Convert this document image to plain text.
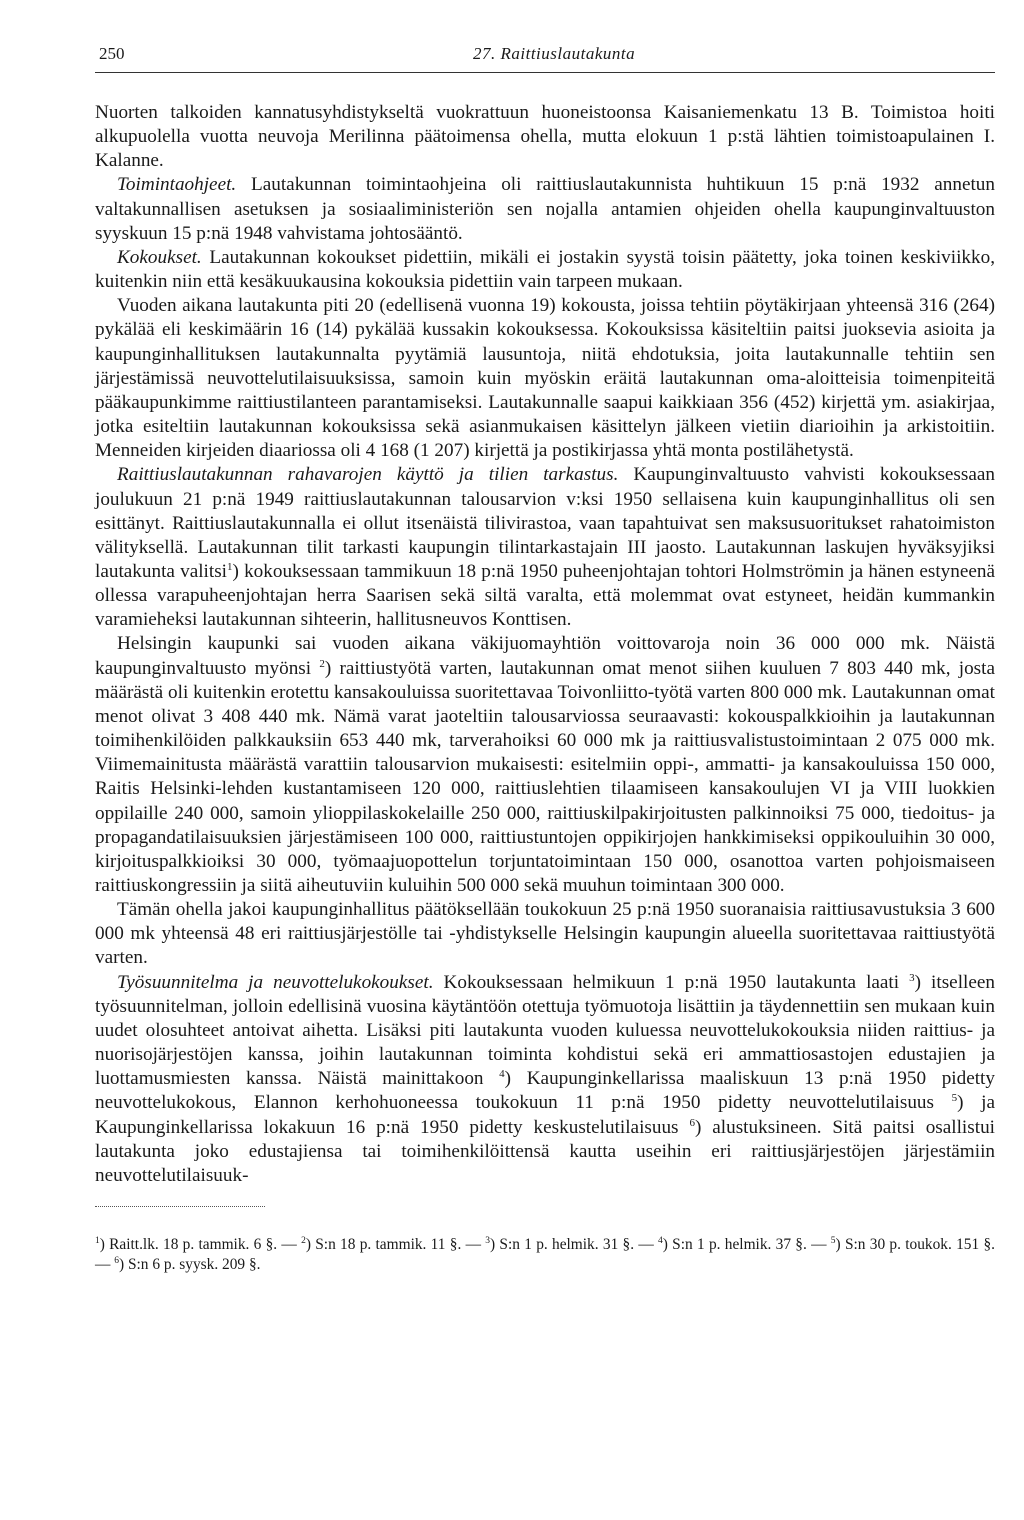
250	27. Raittiuslautakunta

Nuorten talkoiden kannatusyhdistykseltä vuokrattuun huoneistoonsa Kaisaniemenkatu 13 B. Toimistoa hoiti alkupuolella vuotta neuvoja Merilinna päätoimensa ohella, mutta elokuun 1 p:stä lähtien toimistoapulainen I. Kalanne.

Toimintaohjeet. Lautakunnan toimintaohjeina oli raittiuslautakunnista huhtikuun 15 p:nä 1932 annetun valtakunnallisen asetuksen ja sosiaaliministeriön sen nojalla antamien ohjeiden ohella kaupunginvaltuuston syyskuun 15 p:nä 1948 vahvistama johtosääntö.

Kokoukset. Lautakunnan kokoukset pidettiin, mikäli ei jostakin syystä toisin päätetty, joka toinen keskiviikko, kuitenkin niin että kesäkuukausina kokouksia pidettiin vain tarpeen mukaan.

Vuoden aikana lautakunta piti 20 (edellisenä vuonna 19) kokousta, joissa tehtiin pöytäkirjaan yhteensä 316 (264) pykälää eli keskimäärin 16 (14) pykälää kussakin kokouksessa. Kokouksissa käsiteltiin paitsi juoksevia asioita ja kaupunginhallituksen lautakunnalta pyytämiä lausuntoja, niitä ehdotuksia, joita lautakunnalle tehtiin sen järjestämissä neuvottelutilaisuuksissa, samoin kuin myöskin eräitä lautakunnan oma-aloitteisia toimenpiteitä pääkaupunkimme raittiustilanteen parantamiseksi. Lautakunnalle saapui kaikkiaan 356 (452) kirjettä ym. asiakirjaa, jotka esiteltiin lautakunnan kokouksissa sekä asianmukaisen käsittelyn jälkeen vietiin diarioihin ja arkistoitiin. Menneiden kirjeiden diaariossa oli 4 168 (1 207) kirjettä ja postikirjassa yhtä monta postilähetystä.

Raittiuslautakunnan rahavarojen käyttö ja tilien tarkastus. Kaupunginvaltuusto vahvisti kokouksessaan joulukuun 21 p:nä 1949 raittiuslautakunnan talousarvion v:ksi 1950 sellaisena kuin kaupunginhallitus oli sen esittänyt. Raittiuslautakunnalla ei ollut itsenäistä tilivirastoa, vaan tapahtuivat sen maksusuoritukset rahatoimiston välityksellä. Lautakunnan tilit tarkasti kaupungin tilintarkastajain III jaosto. Lautakunnan laskujen hyväksyjiksi lautakunta valitsi$^1$) kokouksessaan tammikuun 18 p:nä 1950 puheenjohtajan tohtori Holmströmin ja hänen estyneenä ollessa varapuheenjohtajan herra Saarisen sekä siltä varalta, että molemmat ovat estyneet, heidän kummankin varamieheksi lautakunnan sihteerin, hallitusneuvos Konttisen.

Helsingin kaupunki sai vuoden aikana väkijuomayhtiön voittovaroja noin 36 000 000 mk. Näistä kaupunginvaltuusto myönsi $^2$) raittiustyötä varten, lautakunnan omat menot siihen kuuluen 7 803 440 mk, josta määrästä oli kuitenkin erotettu kansakouluissa suoritettavaa Toivonliitto-työtä varten 800 000 mk. Lautakunnan omat menot olivat 3 408 440 mk. Nämä varat jaoteltiin talousarviossa seuraavasti: kokouspalkkioihin ja lautakunnan toimihenkilöiden palkkauksiin 653 440 mk, tarverahoiksi 60 000 mk ja raittiusvalistustoimintaan 2 075 000 mk. Viimemainitusta määrästä varattiin talousarvion mukaisesti: esitelmiin oppi-, ammatti- ja kansakouluissa 150 000, Raitis Helsinki-lehden kustantamiseen 120 000, raittiuslehtien tilaamiseen kansakoulujen VI ja VIII luokkien oppilaille 240 000, samoin ylioppilaskokelaille 250 000, raittiuskilpakirjoitusten palkinnoiksi 75 000, tiedoitus- ja propagandatilaisuuksien järjestämiseen 100 000, raittiustuntojen oppikirjojen hankkimiseksi oppikouluihin 30 000, kirjoituspalkkioiksi 30 000, työmaajuopottelun torjuntatoimintaan 150 000, osanottoa varten pohjoismaiseen raittiuskongressiin ja siitä aiheutuviin kuluihin 500 000 sekä muuhun toimintaan 300 000.

Tämän ohella jakoi kaupunginhallitus päätöksellään toukokuun 25 p:nä 1950 suoranaisia raittiusavustuksia 3 600 000 mk yhteensä 48 eri raittiusjärjestölle tai -yhdistykselle Helsingin kaupungin alueella suoritettavaa raittiustyötä varten.

Työsuunnitelma ja neuvottelukokoukset. Kokouksessaan helmikuun 1 p:nä 1950 lautakunta laati $^3$) itselleen työsuunnitelman, jolloin edellisinä vuosina käytäntöön otettuja työmuotoja lisättiin ja täydennettiin sen mukaan kuin uudet olosuhteet antoivat aihetta. Lisäksi piti lautakunta vuoden kuluessa neuvottelukokouksia niiden raittius- ja nuorisojärjestöjen kanssa, joihin lautakunnan toiminta kohdistui sekä eri ammattiosastojen edustajien ja luottamusmiesten kanssa. Näistä mainittakoon $^4$) Kaupunginkellarissa maaliskuun 13 p:nä 1950 pidetty neuvottelukokous, Elannon kerhohuoneessa toukokuun 11 p:nä 1950 pidetty neuvottelutilaisuus $^5$) ja Kaupunginkellarissa lokakuun 16 p:nä 1950 pidetty keskustelutilaisuus $^6$) alustuksineen. Sitä paitsi osallistui lautakunta joko edustajiensa tai toimihenkilöittensä kautta useihin eri raittiusjärjestöjen järjestämiin neuvottelutilaisuuk-

$^1$) Raitt.lk. 18 p. tammik. 6 §. — $^2$) S:n 18 p. tammik. 11 §. — $^3$) S:n 1 p. helmik. 31 §. — $^4$) S:n 1 p. helmik. 37 §. — $^5$) S:n 30 p. toukok. 151 §. — $^6$) S:n 6 p. syysk. 209 §.
